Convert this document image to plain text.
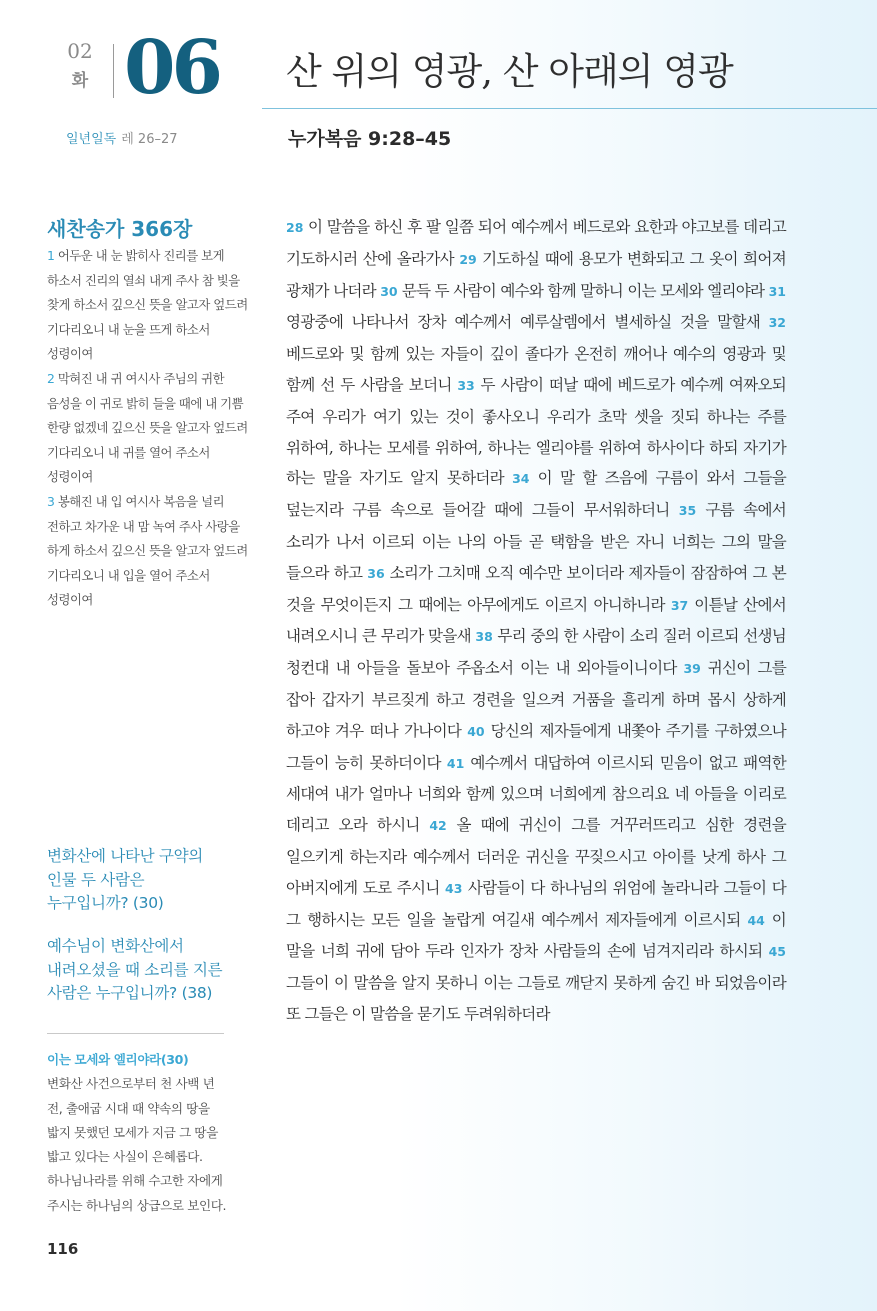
02
화 06 산 위의 영광, 산 아래의 영광
일년일독 레 26–27	누가복음 9:28–45
새찬송가 366장
1 어두운 내 눈 밝히사 진리를 보게 하소서 진리의 열쇠 내게 주사 참 빛을 찾게 하소서 깊으신 뜻을 알고자 엎드려 기다리오니 내 눈을 뜨게 하소서 성령이여
2 막혀진 내 귀 여시사 주님의 귀한 음성을 이 귀로 밝히 들을 때에 내 기쁨 한량 없겠네 깊으신 뜻을 알고자 엎드려 기다리오니 내 귀를 열어 주소서 성령이여
3 봉해진 내 입 여시사 복음을 널리 전하고 차가운 내 맘 녹여 주사 사랑을 하게 하소서 깊으신 뜻을 알고자 엎드려 기다리오니 내 입을 열어 주소서 성령이여
변화산에 나타난 구약의 인물 두 사람은 누구입니까? (30)
예수님이 변화산에서 내려오셨을 때 소리를 지른 사람은 누구입니까? (38)
이는 모세와 엘리야라(30) 변화산 사건으로부터 천 사백 년 전, 출애굽 시대 때 약속의 땅을 밟지 못했던 모세가 지금 그 땅을 밟고 있다는 사실이 은혜롭다. 하나님나라를 위해 수고한 자에게 주시는 하나님의 상급으로 보인다.
116
28 이 말씀을 하신 후 팔 일쯤 되어 예수께서 베드로와 요한과 야고보를 데리고 기도하시러 산에 올라가사 29 기도하실 때에 용모가 변화되고 그 옷이 희어져 광채가 나더라 30 문득 두 사람이 예수와 함께 말하니 이는 모세와 엘리야라 31 영광중에 나타나서 장차 예수께서 예루살렘에서 별세하실 것을 말할새 32 베드로와 및 함께 있는 자들이 깊이 졸다가 온전히 깨어나 예수의 영광과 및 함께 선 두 사람을 보더니 33 두 사람이 떠날 때에 베드로가 예수께 여짜오되 주여 우리가 여기 있는 것이 좋사오니 우리가 초막 셋을 짓되 하나는 주를 위하여, 하나는 모세를 위하여, 하나는 엘리야를 위하여 하사이다 하되 자기가 하는 말을 자기도 알지 못하더라 34 이 말 할 즈음에 구름이 와서 그들을 덮는지라 구름 속으로 들어갈 때에 그들이 무서워하더니 35 구름 속에서 소리가 나서 이르되 이는 나의 아들 곧 택함을 받은 자니 너희는 그의 말을 들으라 하고 36 소리가 그치매 오직 예수만 보이더라 제자들이 잠잠하여 그 본 것을 무엇이든지 그 때에는 아무에게도 이르지 아니하니라 37 이튿날 산에서 내려오시니 큰 무리가 맞을새 38 무리 중의 한 사람이 소리 질러 이르되 선생님 청컨대 내 아들을 돌보아 주옵소서 이는 내 외아들이니이다 39 귀신이 그를 잡아 갑자기 부르짖게 하고 경련을 일으켜 거품을 흘리게 하며 몹시 상하게 하고야 겨우 떠나 가나이다 40 당신의 제자들에게 내쫓아 주기를 구하였으나 그들이 능히 못하더이다 41 예수께서 대답하여 이르시되 믿음이 없고 패역한 세대여 내가 얼마나 너희와 함께 있으며 너희에게 참으리요 네 아들을 이리로 데리고 오라 하시니 42 올 때에 귀신이 그를 거꾸러뜨리고 심한 경련을 일으키게 하는지라 예수께서 더러운 귀신을 꾸짖으시고 아이를 낫게 하사 그 아버지에게 도로 주시니 43 사람들이 다 하나님의 위엄에 놀라니라 그들이 다 그 행하시는 모든 일을 놀랍게 여길새 예수께서 제자들에게 이르시되 44 이 말을 너희 귀에 담아 두라 인자가 장차 사람들의 손에 넘겨지리라 하시되 45 그들이 이 말씀을 알지 못하니 이는 그들로 깨닫지 못하게 숨긴 바 되었음이라 또 그들은 이 말씀을 묻기도 두려워하더라
